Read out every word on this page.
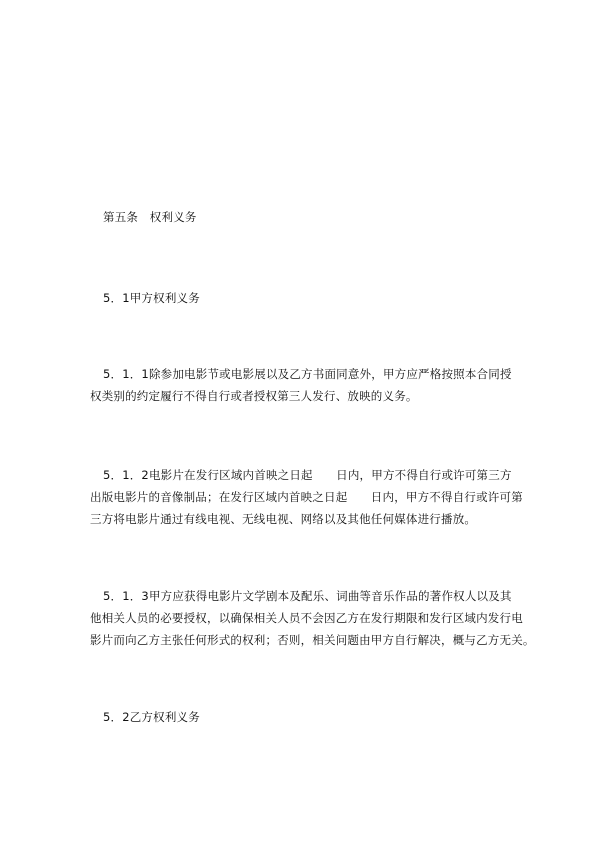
第五条　权利义务
5．1甲方权利义务
5．1．1除参加电影节或电影展以及乙方书面同意外，甲方应严格按照本合同授
权类别的约定履行不得自行或者授权第三人发行、放映的义务。
5．1．2电影片在发行区域内首映之日起　　日内，甲方不得自行或许可第三方
出版电影片的音像制品；在发行区域内首映之日起　　日内，甲方不得自行或许可第
三方将电影片通过有线电视、无线电视、网络以及其他任何媒体进行播放。
5．1．3甲方应获得电影片文学剧本及配乐、词曲等音乐作品的著作权人以及其
他相关人员的必要授权，以确保相关人员不会因乙方在发行期限和发行区域内发行电
影片而向乙方主张任何形式的权利；否则，相关问题由甲方自行解决，概与乙方无关。
5．2乙方权利义务
